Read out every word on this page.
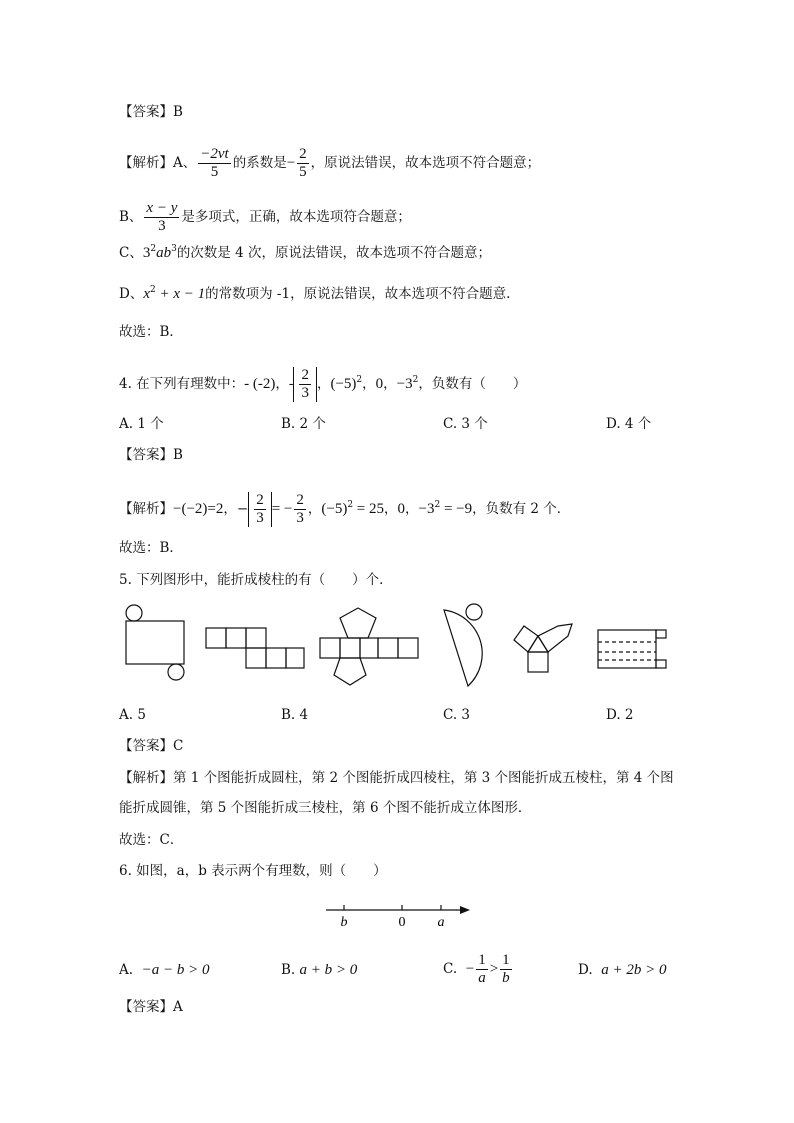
【答案】B
【解析】A、 $\frac{-2vt}{5}$ 的系数是− $\frac{2}{5}$ ，原说法错误，故本选项不符合题意；
B、 $\frac{x - y}{3}$ 是多项式，正确，故本选项符合题意；
C、$3^2ab^3$的次数是 4 次，原说法错误，故本选项不符合题意；
D、$x^2 + x - 1$的常数项为 -1，原说法错误，故本选项不符合题意.
故选：B．
4. 在下列有理数中：- (-2)，- $\frac{2}{3}$ ，$(-5)^2$，0，$-3^2$，负数有（　　）
A. 1 个	B. 2 个	C. 3 个	D. 4 个
【答案】B
【解析】−(−2)=2，− $\frac{2}{3}$ = − $\frac{2}{3}$ ，$(-5)^2 = 25$，0，$-3^2 = -9$，负数有 2 个．
故选：B．
5. 下列图形中，能折成棱柱的有（　　）个．
A. 5	B. 4	C. 3	D. 2
【答案】C
【解析】第 1 个图能折成圆柱，第 2 个图能折成四棱柱，第 3 个图能折成五棱柱，第 4 个图
能折成圆锥，第 5 个图能折成三棱柱，第 6 个图不能折成立体图形．
故选：C．
6. 如图，a，b 表示两个有理数，则（　　）
b	0 a
A. −a − b > 0	B. a + b > 0	C. − $\frac{1}{a} > \frac{1}{b}$	D. a + 2b > 0
【答案】A
